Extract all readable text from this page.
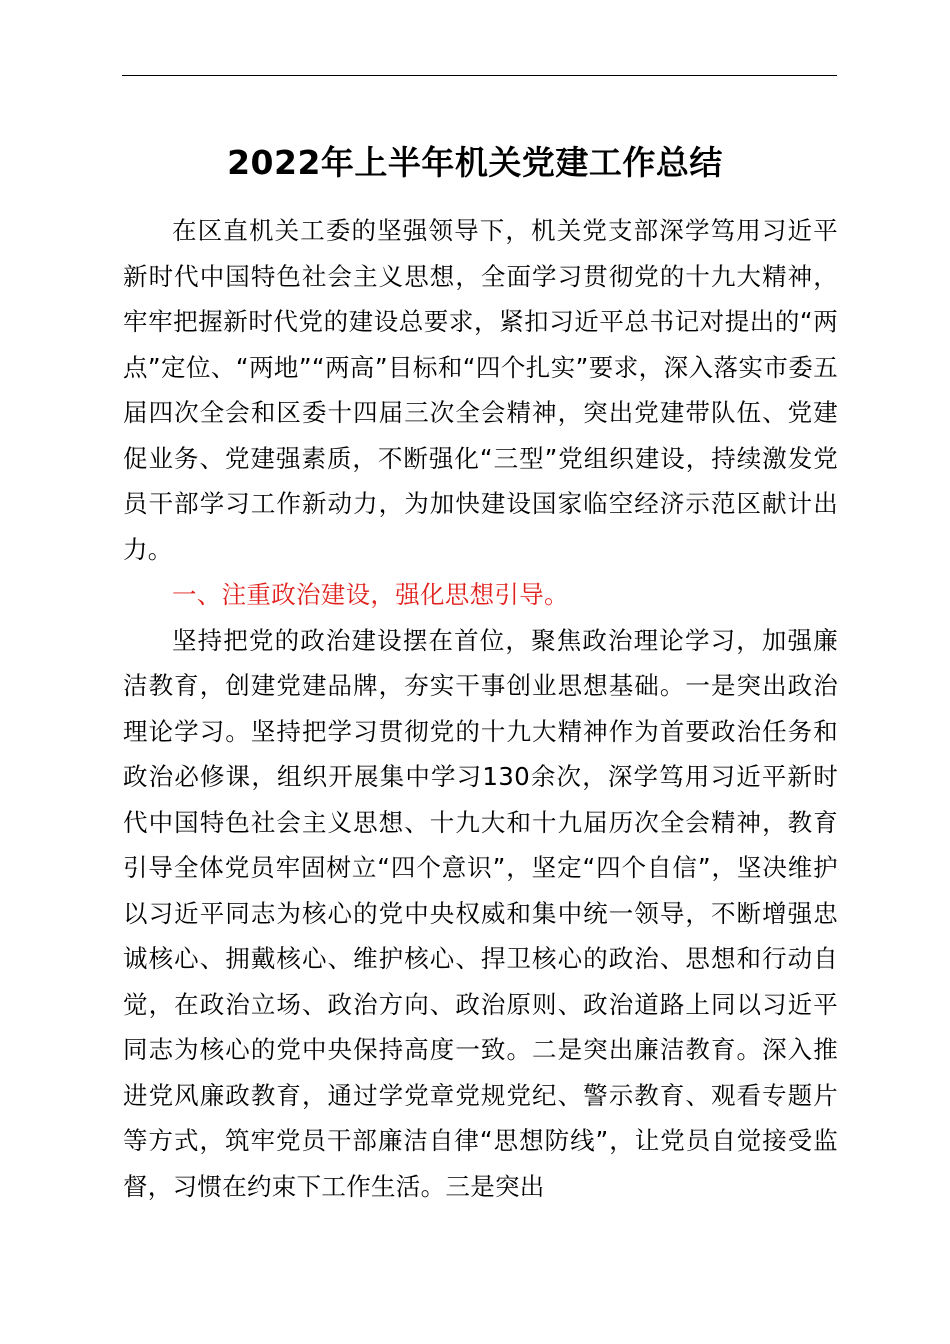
2022年上半年机关党建工作总结

在区直机关工委的坚强领导下，机关党支部深学笃用习近平新时代中国特色社会主义思想，全面学习贯彻党的十九大精神，牢牢把握新时代党的建设总要求，紧扣习近平总书记对提出的“两点”定位、“两地”“两高”目标和“四个扎实”要求，深入落实市委五届四次全会和区委十四届三次全会精神，突出党建带队伍、党建促业务、党建强素质，不断强化“三型”党组织建设，持续激发党员干部学习工作新动力，为加快建设国家临空经济示范区献计出力。

一、注重政治建设，强化思想引导。

坚持把党的政治建设摆在首位，聚焦政治理论学习，加强廉洁教育，创建党建品牌，夯实干事创业思想基础。一是突出政治理论学习。坚持把学习贯彻党的十九大精神作为首要政治任务和政治必修课，组织开展集中学习130余次，深学笃用习近平新时代中国特色社会主义思想、十九大和十九届历次全会精神，教育引导全体党员牢固树立“四个意识”，坚定“四个自信”，坚决维护以习近平同志为核心的党中央权威和集中统一领导，不断增强忠诚核心、拥戴核心、维护核心、捍卫核心的政治、思想和行动自觉，在政治立场、政治方向、政治原则、政治道路上同以习近平同志为核心的党中央保持高度一致。二是突出廉洁教育。深入推进党风廉政教育，通过学党章党规党纪、警示教育、观看专题片等方式，筑牢党员干部廉洁自律“思想防线”，让党员自觉接受监督，习惯在约束下工作生活。三是突出
